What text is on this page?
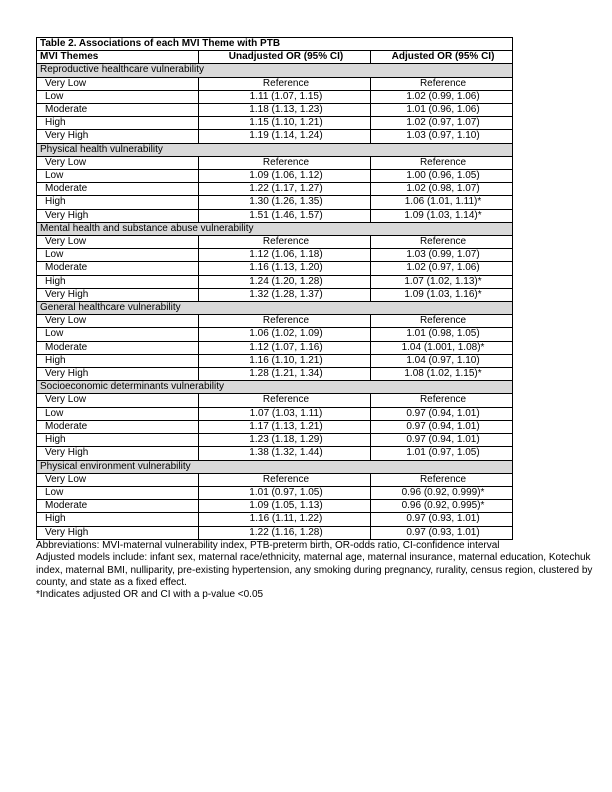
Table 2. Associations of each MVI Theme with PTB		
MVI Themes	Unadjusted OR (95% CI)	Adjusted OR (95% CI)
Reproductive healthcare vulnerability		
Very Low	Reference	Reference
Low	1.11 (1.07, 1.15)	1.02 (0.99, 1.06)
Moderate	1.18 (1.13, 1.23)	1.01 (0.96, 1.06)
High	1.15 (1.10, 1.21)	1.02 (0.97, 1.07)
Very High	1.19 (1.14, 1.24)	1.03 (0.97, 1.10)
Physical health vulnerability		
Very Low	Reference	Reference
Low	1.09 (1.06, 1.12)	1.00 (0.96, 1.05)
Moderate	1.22 (1.17, 1.27)	1.02 (0.98, 1.07)
High	1.30 (1.26, 1.35)	1.06 (1.01, 1.11)*
Very High	1.51 (1.46, 1.57)	1.09 (1.03, 1.14)*
Mental health and substance abuse vulnerability		
Very Low	Reference	Reference
Low	1.12 (1.06, 1.18)	1.03 (0.99, 1.07)
Moderate	1.16 (1.13, 1.20)	1.02 (0.97, 1.06)
High	1.24 (1.20, 1.28)	1.07 (1.02, 1.13)*
Very High	1.32 (1.28, 1.37)	1.09 (1.03, 1.16)*
General healthcare vulnerability		
Very Low	Reference	Reference
Low	1.06 (1.02, 1.09)	1.01 (0.98, 1.05)
Moderate	1.12 (1.07, 1.16)	1.04 (1.001, 1.08)*
High	1.16 (1.10, 1.21)	1.04 (0.97, 1.10)
Very High	1.28 (1.21, 1.34)	1.08 (1.02, 1.15)*
Socioeconomic determinants vulnerability		
Very Low	Reference	Reference
Low	1.07 (1.03, 1.11)	0.97 (0.94, 1.01)
Moderate	1.17 (1.13, 1.21)	0.97 (0.94, 1.01)
High	1.23 (1.18, 1.29)	0.97 (0.94, 1.01)
Very High	1.38 (1.32, 1.44)	1.01 (0.97, 1.05)
Physical environment vulnerability		
Very Low	Reference	Reference
Low	1.01 (0.97, 1.05)	0.96 (0.92, 0.999)*
Moderate	1.09 (1.05, 1.13)	0.96 (0.92, 0.995)*
High	1.16 (1.11, 1.22)	0.97 (0.93, 1.01)
Very High	1.22 (1.16, 1.28)	0.97 (0.93, 1.01)

Abbreviations: MVI-maternal vulnerability index, PTB-preterm birth, OR-odds ratio, CI-confidence interval

Adjusted models include: infant sex, maternal race/ethnicity, maternal age, maternal insurance, maternal education, Kotechuk index, maternal BMI, nulliparity, pre-existing hypertension, any smoking during pregnancy, rurality, census region, clustered by county, and state as a fixed effect.

*Indicates adjusted OR and CI with a p-value <0.05
